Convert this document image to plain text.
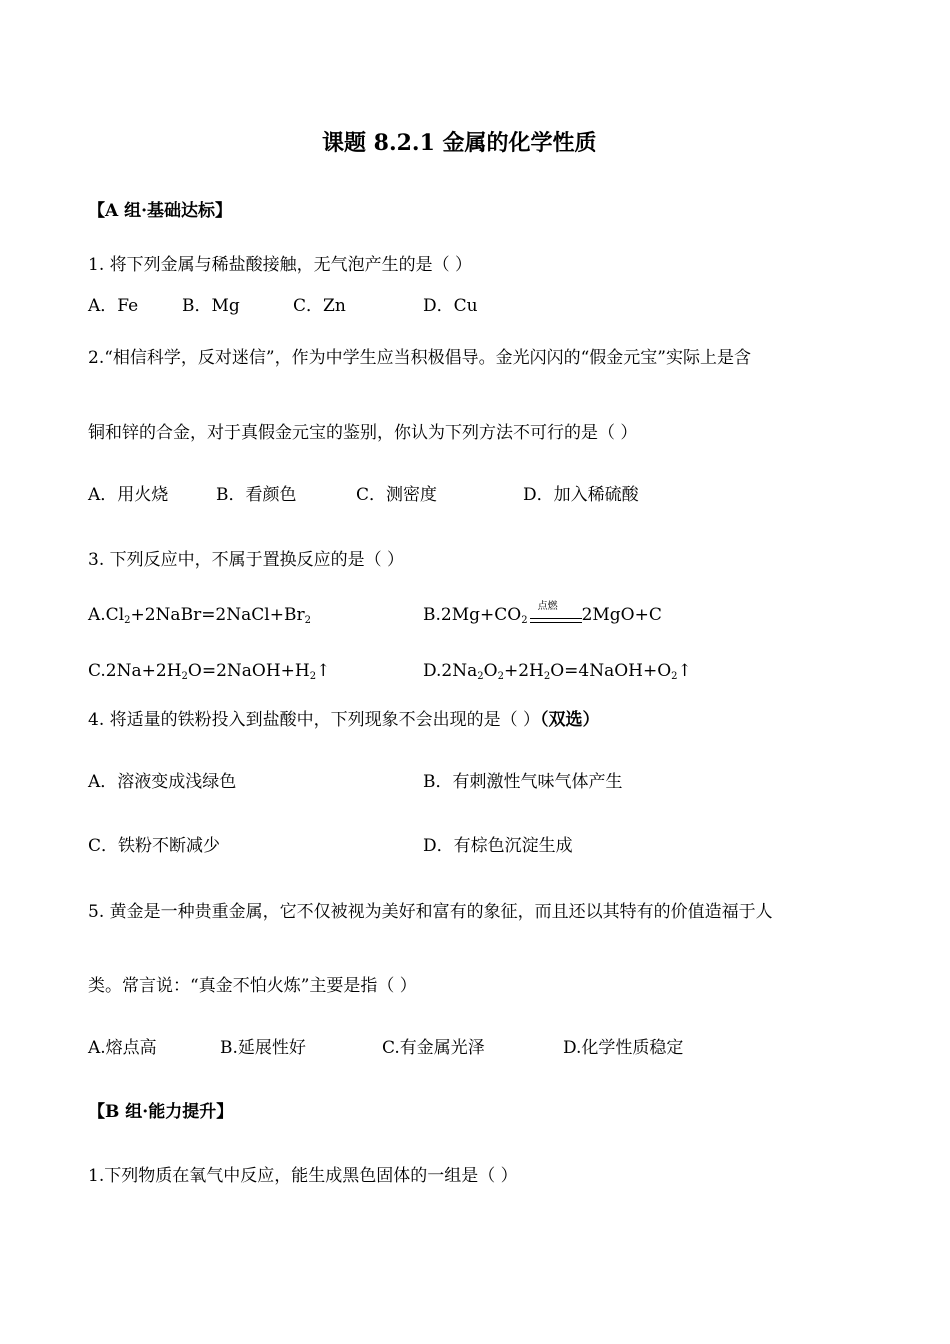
课题 8.2.1 金属的化学性质
【A 组·基础达标】
1. 将下列金属与稀盐酸接触，无气泡产生的是（ ）
A．Fe	B．Mg	C．Zn	D．Cu
2.“相信科学，反对迷信”，作为中学生应当积极倡导。金光闪闪的“假金元宝”实际上是含
铜和锌的合金，对于真假金元宝的鉴别，你认为下列方法不可行的是（ ）
A．用火烧	B．看颜色	C．测密度	D．加入稀硫酸
3. 下列反应中，不属于置换反应的是（ ）
$A.Cl_2+2NaBr=2NaCl+Br_2$	$B.2Mg+CO_2$
点燃 2MgO+C
$C.2Na+2H_2O=2NaOH+H_2↑$	$D.2Na_2O_2+2H_2O=4NaOH+O_2↑$
4. 将适量的铁粉投入到盐酸中，下列现象不会出现的是（ ）（双选）
A．溶液变成浅绿色	B．有刺激性气味气体产生
C．铁粉不断减少	D．有棕色沉淀生成
5. 黄金是一种贵重金属，它不仅被视为美好和富有的象征，而且还以其特有的价值造福于人
类。常言说：“真金不怕火炼”主要是指（ ）
A.熔点高	B.延展性好	C.有金属光泽	D.化学性质稳定
【B 组·能力提升】
1.下列物质在氧气中反应，能生成黑色固体的一组是（ ）
